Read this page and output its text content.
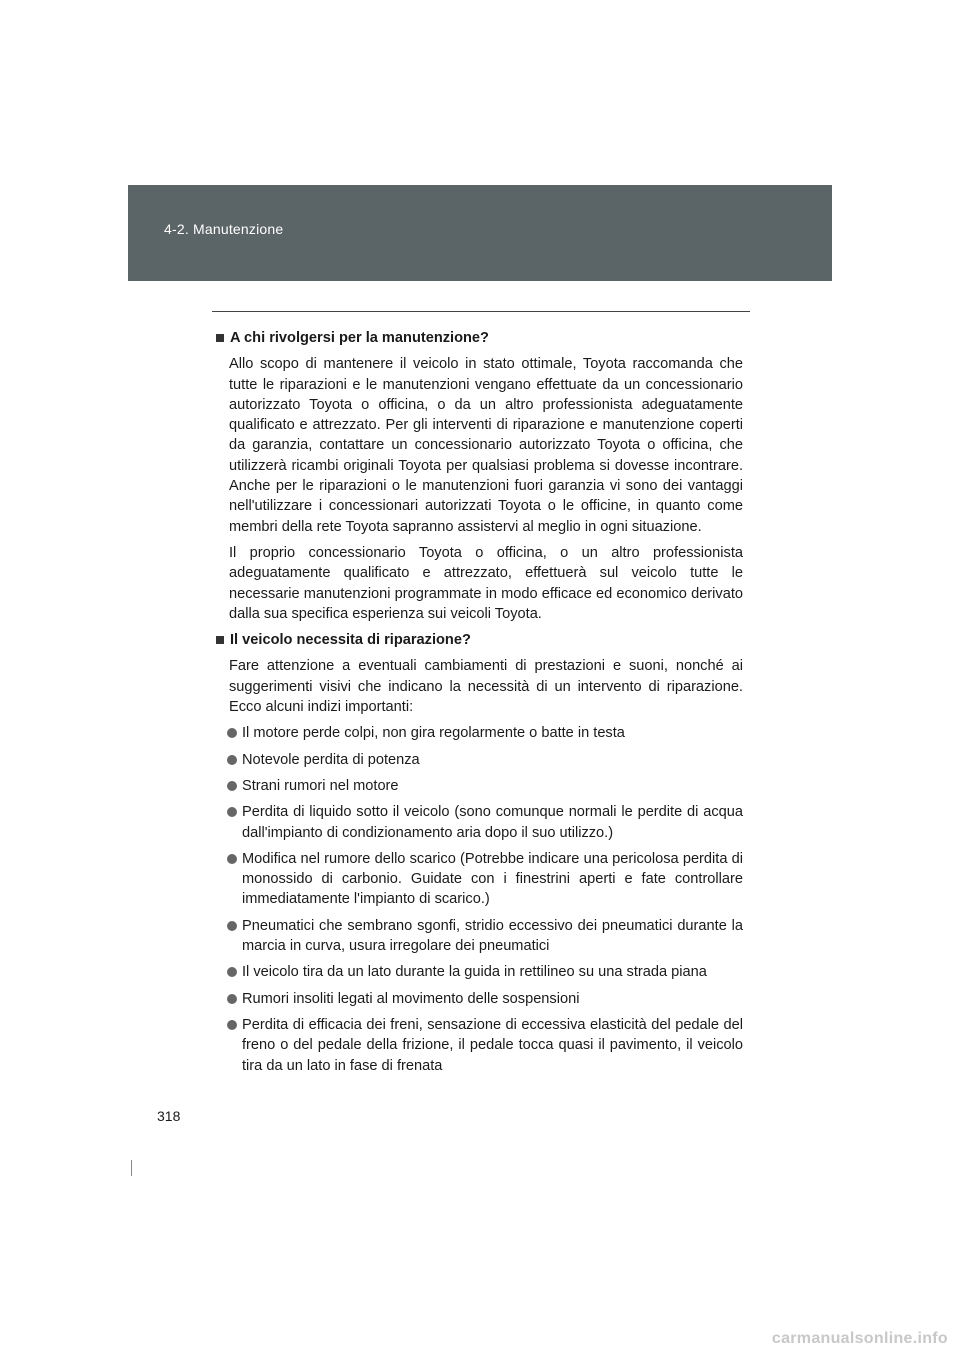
4-2. Manutenzione
A chi rivolgersi per la manutenzione?

Allo scopo di mantenere il veicolo in stato ottimale, Toyota raccomanda che tutte le riparazioni e le manutenzioni vengano effettuate da un concessionario autorizzato Toyota o officina, o da un altro professionista adeguatamente qualificato e attrezzato. Per gli interventi di riparazione e manutenzione coperti da garanzia, contattare un concessionario autorizzato Toyota o officina, che utilizzerà ricambi originali Toyota per qualsiasi problema si dovesse incontrare. Anche per le riparazioni o le manutenzioni fuori garanzia vi sono dei vantaggi nell'utilizzare i concessionari autorizzati Toyota o le officine, in quanto come membri della rete Toyota sapranno assistervi al meglio in ogni situazione.

Il proprio concessionario Toyota o officina, o un altro professionista adeguatamente qualificato e attrezzato, effettuerà sul veicolo tutte le necessarie manutenzioni programmate in modo efficace ed economico derivato dalla sua specifica esperienza sui veicoli Toyota.

Il veicolo necessita di riparazione?

Fare attenzione a eventuali cambiamenti di prestazioni e suoni, nonché ai suggerimenti visivi che indicano la necessità di un intervento di riparazione. Ecco alcuni indizi importanti:

Il motore perde colpi, non gira regolarmente o batte in testa
Notevole perdita di potenza
Strani rumori nel motore
Perdita di liquido sotto il veicolo (sono comunque normali le perdite di acqua dall'impianto di condizionamento aria dopo il suo utilizzo.)
Modifica nel rumore dello scarico (Potrebbe indicare una pericolosa perdita di monossido di carbonio. Guidate con i finestrini aperti e fate controllare immediatamente l'impianto di scarico.)
Pneumatici che sembrano sgonfi, stridio eccessivo dei pneumatici durante la marcia in curva, usura irregolare dei pneumatici
Il veicolo tira da un lato durante la guida in rettilineo su una strada piana
Rumori insoliti legati al movimento delle sospensioni
Perdita di efficacia dei freni, sensazione di eccessiva elasticità del pedale del freno o del pedale della frizione, il pedale tocca quasi il pavimento, il veicolo tira da un lato in fase di frenata
318
carmanualsonline.info
